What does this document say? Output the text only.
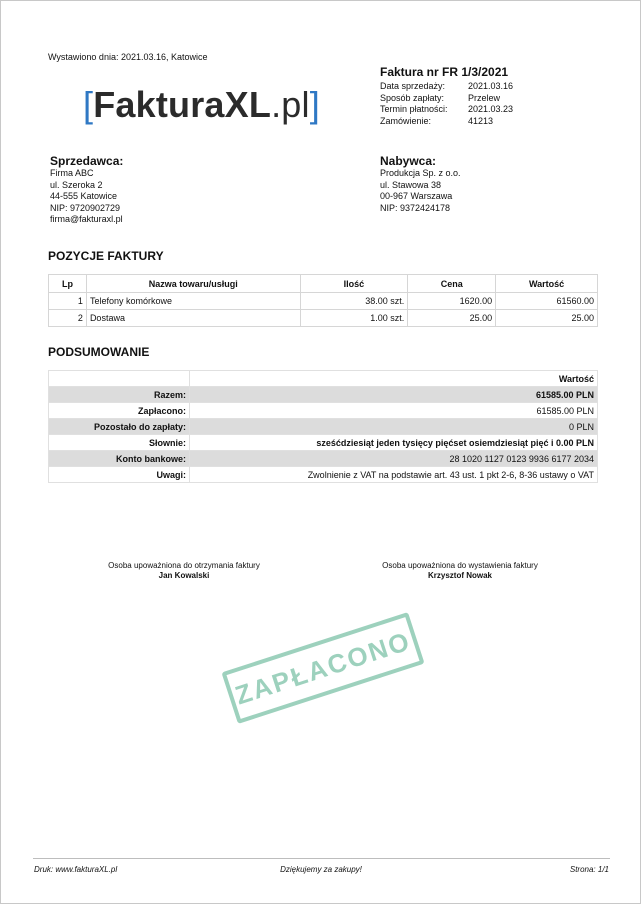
Wystawiono dnia: 2021.03.16, Katowice
[FakturaXL.pl]
Faktura nr FR 1/3/2021
Data sprzedaży:	2021.03.16
Sposób zapłaty:	Przelew
Termin płatności:	2021.03.23
Zamówienie:	41213
Sprzedawca:
Firma ABC
ul. Szeroka 2
44-555 Katowice
NIP: 9720902729
firma@fakturaxl.pl
Nabywca:
Produkcja Sp. z o.o.
ul. Stawowa 38
00-967 Warszawa
NIP: 9372424178
POZYCJE FAKTURY
Lp	Nazwa towaru/usługi	Ilość	Cena	Wartość
1	Telefony komórkowe	38.00 szt.	1620.00	61560.00
2	Dostawa	1.00 szt.	25.00	25.00
PODSUMOWANIE
	Wartość
Razem:	61585.00 PLN
Zapłacono:	61585.00 PLN
Pozostało do zapłaty:	0 PLN
Słownie:	sześćdziesiąt jeden tysięcy pięćset osiemdziesiąt pięć i 0.00 PLN
Konto bankowe:	28 1020 1127 0123 9936 6177 2034
Uwagi:	Zwolnienie z VAT na podstawie art. 43 ust. 1 pkt 2-6, 8-36 ustawy o VAT
Osoba upoważniona do otrzymania faktury
Jan Kowalski
Osoba upoważniona do wystawienia faktury
Krzysztof Nowak
ZAPŁACONO
Druk: www.fakturaXL.pl	Dziękujemy za zakupy!	Strona: 1/1
